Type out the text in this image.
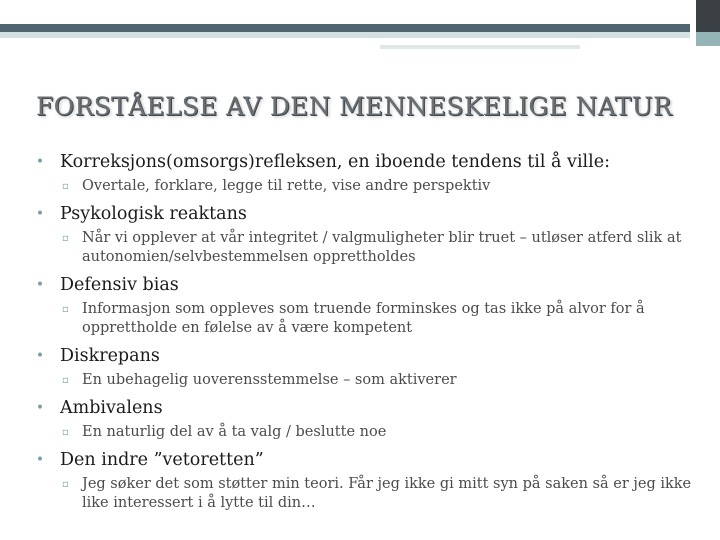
FORSTÅELSE AV DEN MENNESKELIGE NATUR
• Korreksjons(omsorgs)refleksen, en iboende tendens til å ville:
▫ Overtale, forklare, legge til rette, vise andre perspektiv
• Psykologisk reaktans
▫ Når vi opplever at vår integritet / valgmuligheter blir truet – utløser atferd slik at autonomien/selvbestemmelsen opprettholdes
• Defensiv bias
▫ Informasjon som oppleves som truende forminskes og tas ikke på alvor for å opprettholde en følelse av å være kompetent
• Diskrepans
▫ En ubehagelig uoverensstemmelse – som aktiverer
• Ambivalens
▫ En naturlig del av å ta valg / beslutte noe
• Den indre ”vetoretten”
▫ Jeg søker det som støtter min teori. Får jeg ikke gi mitt syn på saken så er jeg ikke like interessert i å lytte til din…
